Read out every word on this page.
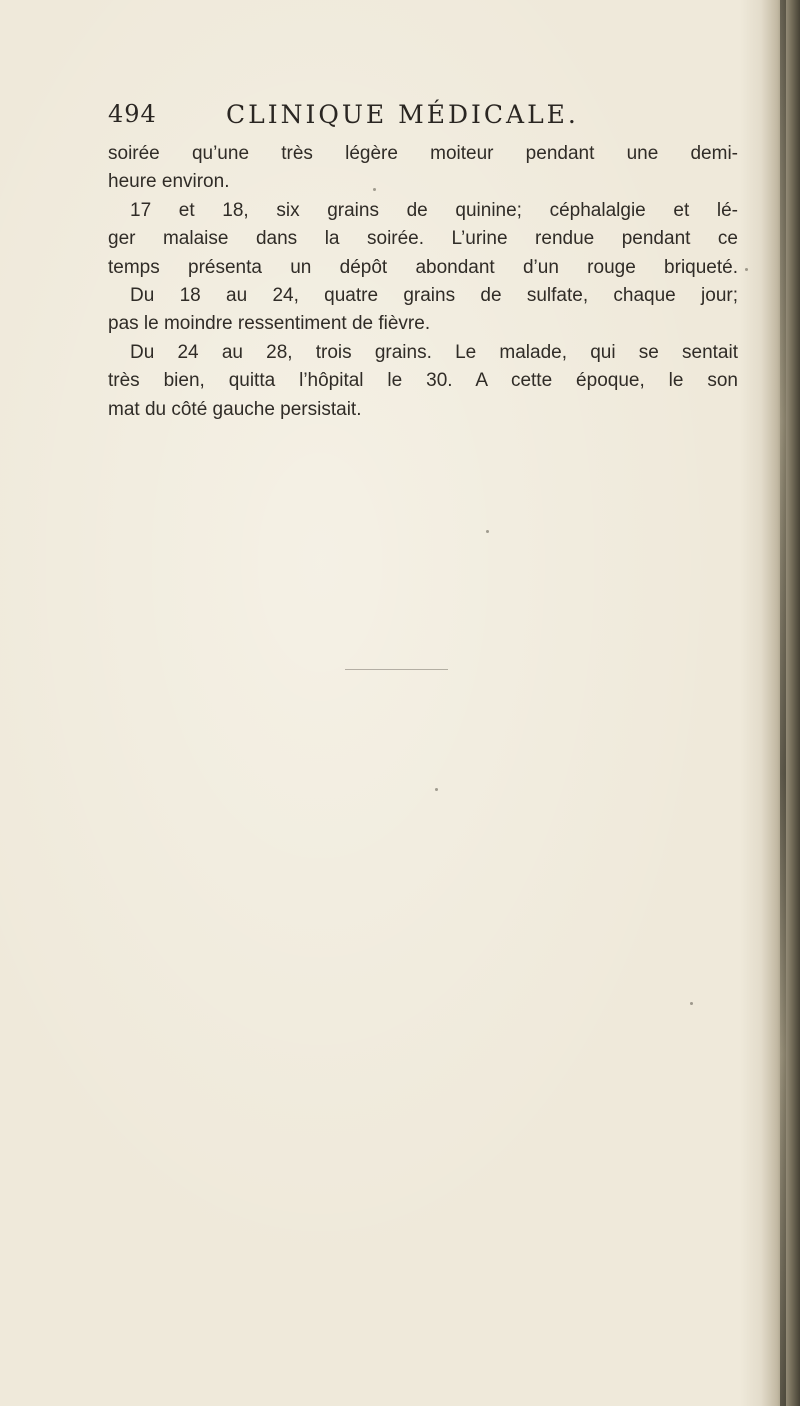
494	CLINIQUE MÉDICALE.
soirée qu’une très légère moiteur pendant une demi-
heure environ.
17 et 18, six grains de quinine; céphalalgie et lé-
ger malaise dans la soirée. L’urine rendue pendant ce
temps présenta un dépôt abondant d’un rouge briqueté.
Du 18 au 24, quatre grains de sulfate, chaque jour;
pas le moindre ressentiment de fièvre.
Du 24 au 28, trois grains. Le malade, qui se sentait
très bien, quitta l’hôpital le 30. A cette époque, le son
mat du côté gauche persistait.
